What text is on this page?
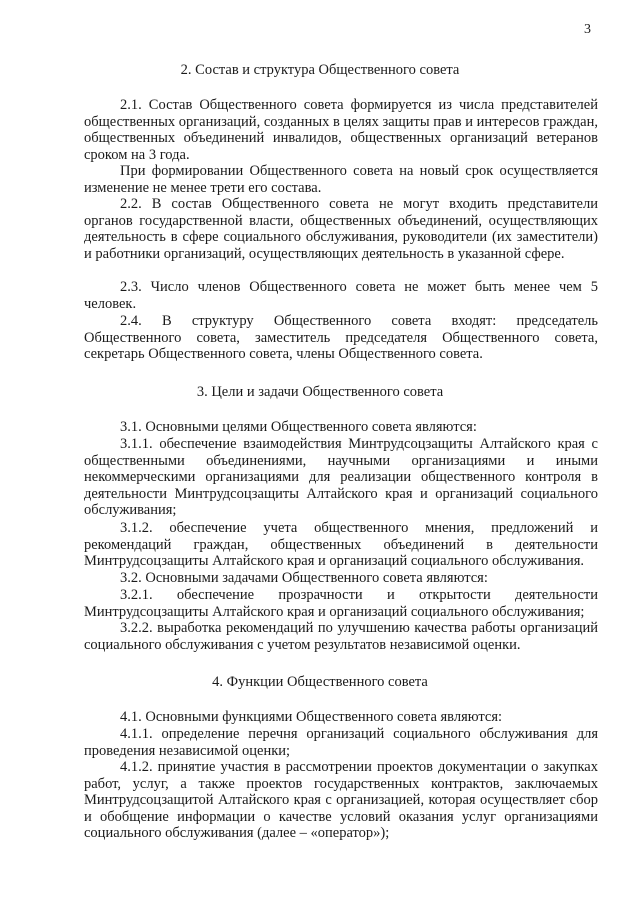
3
2. Состав и структура Общественного совета

2.1. Состав Общественного совета формируется из числа представителей общественных организаций, созданных в целях защиты прав и интересов граждан, общественных объединений инвалидов, общественных организаций ветеранов сроком на 3 года.

При формировании Общественного совета на новый срок осуществляется изменение не менее трети его состава.

2.2. В состав Общественного совета не могут входить представители органов государственной власти, общественных объединений, осуществляющих деятельность в сфере социального обслуживания, руководители (их заместители) и работники организаций, осуществляющих деятельность в указанной сфере.

2.3. Число членов Общественного совета не может быть менее чем 5 человек.

2.4. В структуру Общественного совета входят: председатель Общественного совета, заместитель председателя Общественного совета, секретарь Общественного совета, члены Общественного совета.

3. Цели и задачи Общественного совета

3.1. Основными целями Общественного совета являются:

3.1.1. обеспечение взаимодействия Минтрудсоцзащиты Алтайского края с общественными объединениями, научными организациями и иными некоммерческими организациями для реализации общественного контроля в деятельности Минтрудсоцзащиты Алтайского края и организаций социального обслуживания;

3.1.2. обеспечение учета общественного мнения, предложений и рекомендаций граждан, общественных объединений в деятельности Минтрудсоцзащиты Алтайского края и организаций социального обслуживания.

3.2. Основными задачами Общественного совета являются:

3.2.1. обеспечение прозрачности и открытости деятельности Минтрудсоцзащиты Алтайского края и организаций социального обслуживания;

3.2.2. выработка рекомендаций по улучшению качества работы организаций социального обслуживания с учетом результатов независимой оценки.

4. Функции Общественного совета

4.1. Основными функциями Общественного совета являются:

4.1.1. определение перечня организаций социального обслуживания для проведения независимой оценки;

4.1.2. принятие участия в рассмотрении проектов документации о закупках работ, услуг, а также проектов государственных контрактов, заключаемых Минтрудсоцзащитой Алтайского края с организацией, которая осуществляет сбор и обобщение информации о качестве условий оказания услуг организациями социального обслуживания (далее – «оператор»);
